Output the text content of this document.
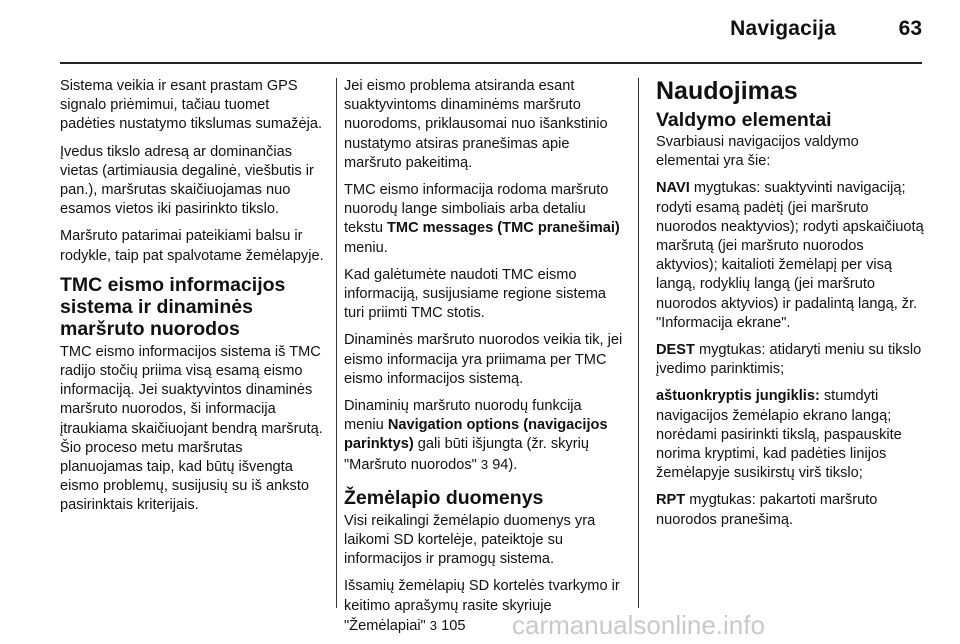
Navigacija	63

Sistema veikia ir esant prastam GPS signalo priėmimui, tačiau tuomet padėties nustatymo tikslumas sumažėja.

Įvedus tikslo adresą ar dominančias vietas (artimiausia degalinė, viešbutis ir pan.), maršrutas skaičiuojamas nuo esamos vietos iki pasirinkto tikslo.

Maršruto patarimai pateikiami balsu ir rodykle, taip pat spalvotame žemėlapyje.

TMC eismo informacijos sistema ir dinaminės maršruto nuorodos

TMC eismo informacijos sistema iš TMC radijo stočių priima visą esamą eismo informaciją. Jei suaktyvintos dinaminės maršruto nuorodos, ši informacija įtraukiama skaičiuojant bendrą maršrutą. Šio proceso metu maršrutas planuojamas taip, kad būtų išvengta eismo problemų, susijusių su iš anksto pasirinktais kriterijais.

Jei eismo problema atsiranda esant suaktyvintoms dinaminėms maršruto nuorodoms, priklausomai nuo išankstinio nustatymo atsiras pranešimas apie maršruto pakeitimą.

TMC eismo informacija rodoma maršruto nuorodų lange simboliais arba detaliu tekstu TMC messages (TMC pranešimai) meniu.

Kad galėtumėte naudoti TMC eismo informaciją, susijusiame regione sistema turi priimti TMC stotis.

Dinaminės maršruto nuorodos veikia tik, jei eismo informacija yra priimama per TMC eismo informacijos sistemą.

Dinaminių maršruto nuorodų funkcija meniu Navigation options (navigacijos parinktys) gali būti išjungta (žr. skyrių "Maršruto nuorodos" 3 94).

Žemėlapio duomenys

Visi reikalingi žemėlapio duomenys yra laikomi SD kortelėje, pateiktoje su informacijos ir pramogų sistema.

Išsamių žemėlapių SD kortelės tvarkymo ir keitimo aprašymų rasite skyriuje "Žemėlapiai" 3 105

Naudojimas
Valdymo elementai

Svarbiausi navigacijos valdymo elementai yra šie:

NAVI mygtukas: suaktyvinti navigaciją; rodyti esamą padėtį (jei maršruto nuorodos neaktyvios); rodyti apskaičiuotą maršrutą (jei maršruto nuorodos aktyvios); kaitalioti žemėlapį per visą langą, rodyklių langą (jei maršruto nuorodos aktyvios) ir padalintą langą, žr. "Informacija ekrane".

DEST mygtukas: atidaryti meniu su tikslo įvedimo parinktimis;

aštuonkryptis jungiklis: stumdyti navigacijos žemėlapio ekrano langą; norėdami pasirinkti tikslą, paspauskite norima kryptimi, kad padėties linijos žemėlapyje susikirstų virš tikslo;

RPT mygtukas: pakartoti maršruto nuorodos pranešimą.

carmanualsonline.info
